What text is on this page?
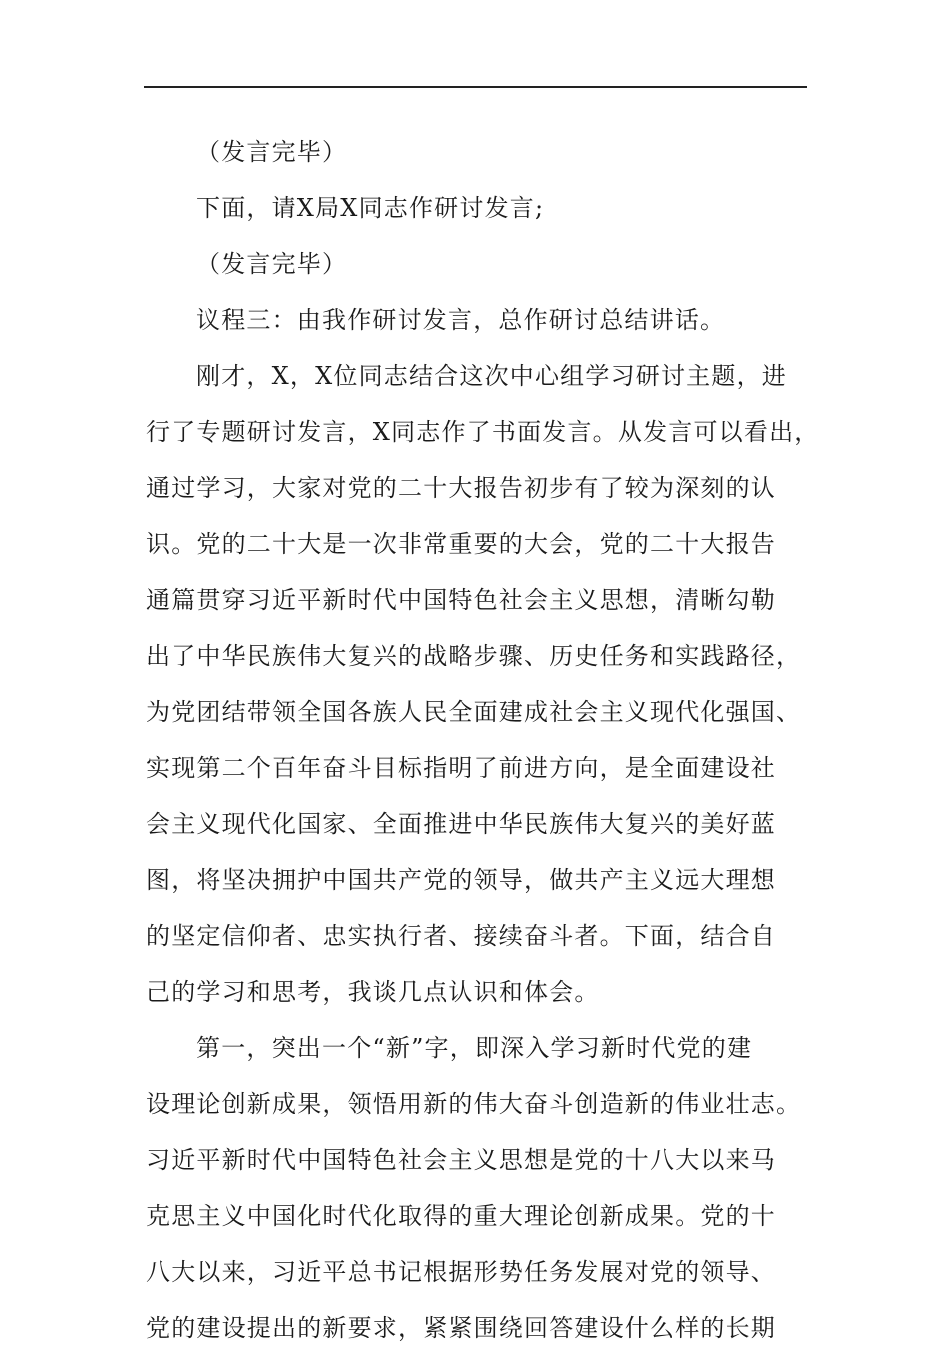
（发言完毕）
下面，请X局X同志作研讨发言;
（发言完毕）
议程三：由我作研讨发言，总作研讨总结讲话。
刚才，X，X位同志结合这次中心组学习研讨主题，进
行了专题研讨发言，X同志作了书面发言。从发言可以看出，
通过学习，大家对党的二十大报告初步有了较为深刻的认
识。党的二十大是一次非常重要的大会，党的二十大报告
通篇贯穿习近平新时代中国特色社会主义思想，清晰勾勒
出了中华民族伟大复兴的战略步骤、历史任务和实践路径，
为党团结带领全国各族人民全面建成社会主义现代化强国、
实现第二个百年奋斗目标指明了前进方向，是全面建设社
会主义现代化国家、全面推进中华民族伟大复兴的美好蓝
图，将坚决拥护中国共产党的领导，做共产主义远大理想
的坚定信仰者、忠实执行者、接续奋斗者。下面，结合自
己的学习和思考，我谈几点认识和体会。
第一，突出一个“新”字，即深入学习新时代党的建
设理论创新成果，领悟用新的伟大奋斗创造新的伟业壮志。
习近平新时代中国特色社会主义思想是党的十八大以来马
克思主义中国化时代化取得的重大理论创新成果。党的十
八大以来，习近平总书记根据形势任务发展对党的领导、
党的建设提出的新要求，紧紧围绕回答建设什么样的长期
